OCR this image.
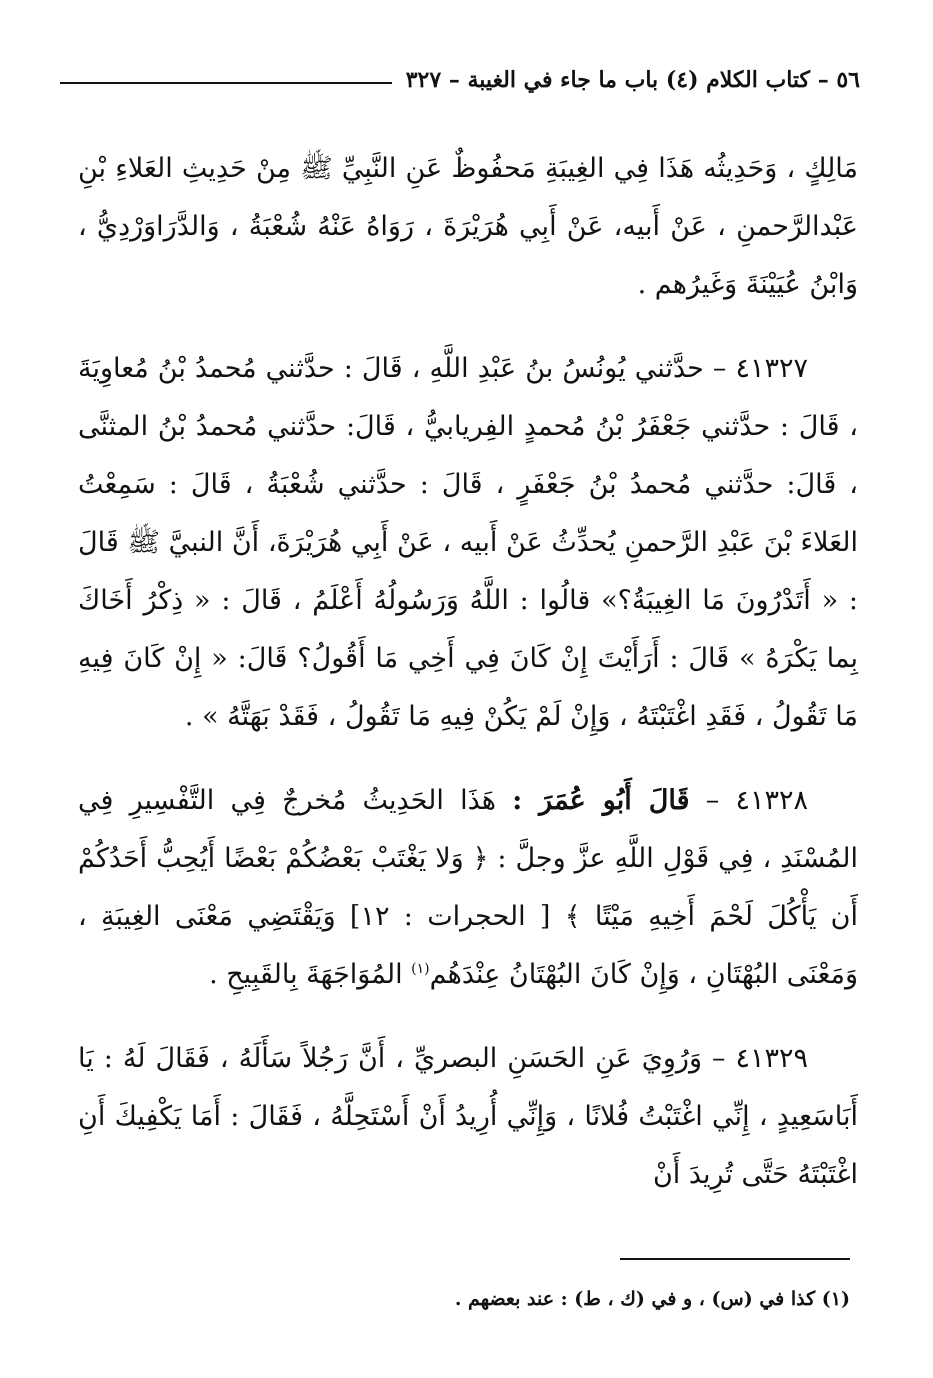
٥٦ – كتاب الكلام (٤) باب ما جاء في الغيبة – ٣٢٧

مَالِكٍ ، وَحَدِيثُه هَذَا فِي الغِيبَةِ مَحفُوظٌ عَنِ النَّبِيِّ ﷺ مِنْ حَدِيثِ العَلاءِ بْنِ عَبْدالرَّحمنِ ، عَنْ أَبيه، عَنْ أَبِي هُرَيْرَةَ ، رَوَاهُ عَنْهُ شُعْبَةُ ، وَالدَّرَاوَرْدِيُّ ، وَابْنُ عُيَيْنَةَ وَغَيرُهم .

٤١٣٢٧ – حدَّثني يُونُسُ بنُ عَبْدِ اللَّهِ ، قَالَ : حدَّثني مُحمدُ بْنُ مُعاوِيَةَ ، قَالَ : حدَّثني جَعْفَرُ بْنُ مُحمدٍ الفِريابيُّ ، قَالَ: حدَّثني مُحمدُ بْنُ المثنَّى ، قَالَ: حدَّثني مُحمدُ بْنُ جَعْفَرٍ ، قَالَ : حدَّثني شُعْبَةُ ، قَالَ : سَمِعْتُ العَلاءَ بْنَ عَبْدِ الرَّحمنِ يُحدِّثُ عَنْ أَبيه ، عَنْ أَبِي هُرَيْرَةَ، أَنَّ النبيَّ ﷺ قَالَ : « أَتَدْرُونَ مَا الغِيبَةُ؟» قالُوا : اللَّهُ وَرَسُولُهُ أَعْلَمُ ، قَالَ : « ذِكْرُ أَخَاكَ بِما يَكْرَهُ » قَالَ : أَرَأَيْتَ إِنْ كَانَ فِي أَخِي مَا أَقُولُ؟ قَالَ: « إِنْ كَانَ فِيهِ مَا تَقُولُ ، فَقَدِ اغْتَبْتَهُ ، وَإِنْ لَمْ يَكُنْ فِيهِ مَا تَقُولُ ، فَقَدْ بَهَتَّهُ » .

٤١٣٢٨ – قَالَ أَبُو عُمَرَ : هَذَا الحَدِيثُ مُخرجٌ فِي التَّفْسِيرِ فِي المُسْنَدِ ، فِي قَوْلِ اللَّهِ عزَّ وجلَّ : ﴿ وَلا يَغْتَبْ بَعْضُكُمْ بَعْضًا أَيُحِبُّ أَحَدُكُمْ أَن يَأْكُلَ لَحْمَ أَخِيهِ مَيْتًا ﴾ [ الحجرات : ١٢] وَيَقْتَضِي مَعْنَى الغِيبَةِ ، وَمَعْنَى البُهْتَانِ ، وَإِنْ كَانَ البُهْتَانُ عِنْدَهُم$^{(١)}$ المُوَاجَهَةَ بِالقَبِيحِ .

٤١٣٢٩ – وَرُوِيَ عَنِ الحَسَنِ البصريِّ ، أَنَّ رَجُلاً سَأَلَهُ ، فَقَالَ لَهُ : يَا أَبَاسَعِيدٍ ، إِنِّي اغْتَبْتُ فُلانًا ، وَإِنِّي أُرِيدُ أَنْ أَسْتَحِلَّهُ ، فَقَالَ : أَمَا يَكْفِيكَ أَنِ اغْتَبْتَهُ حَتَّى تُرِيدَ أَنْ

(١) كذا في (س) ، و في (ك ، ط) : عند بعضهم .
